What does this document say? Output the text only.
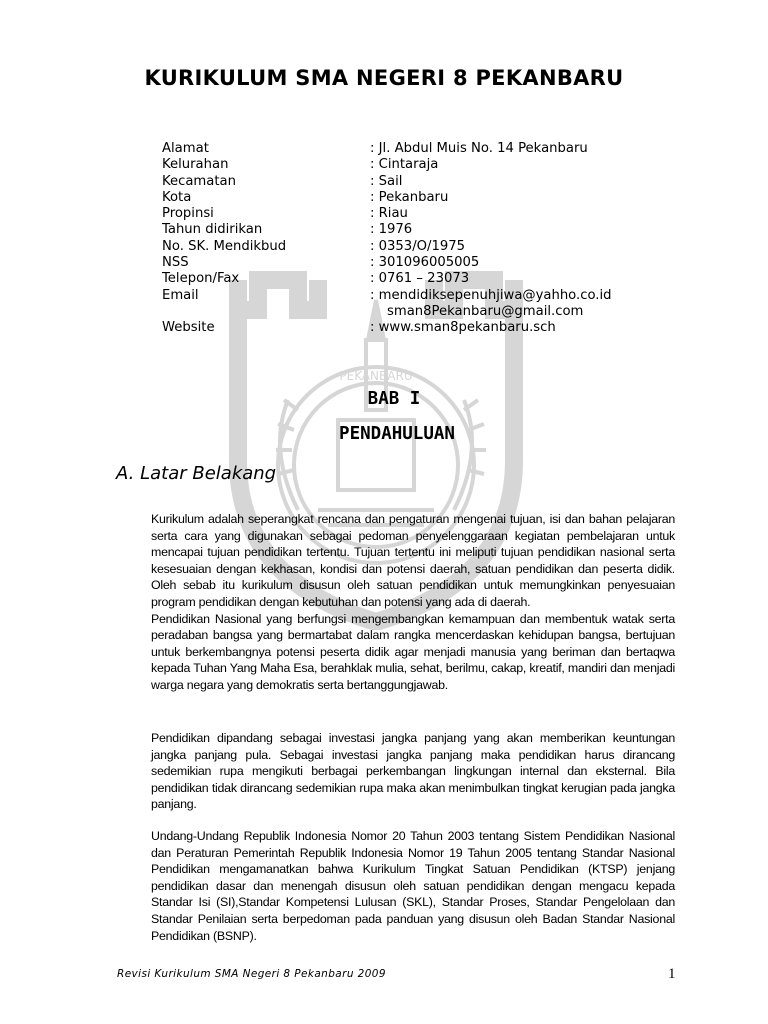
PEKANBARU
KURIKULUM SMA NEGERI 8 PEKANBARU
Alamat	: Jl. Abdul Muis No. 14 Pekanbaru
Kelurahan	: Cintaraja
Kecamatan	: Sail
Kota	: Pekanbaru
Propinsi	: Riau
Tahun didirikan	: 1976
No. SK. Mendikbud	: 0353/O/1975
NSS	: 301096005005
Telepon/Fax	: 0761 – 23073
Email	: mendidiksepenuhjiwa@yahho.co.id
sman8Pekanbaru@gmail.com
Website	: www.sman8pekanbaru.sch
BAB I
PENDAHULUAN
A. Latar Belakang

Kurikulum adalah seperangkat rencana dan pengaturan mengenai tujuan, isi dan bahan pelajaran serta cara yang digunakan sebagai pedoman penyelenggaraan kegiatan pembelajaran untuk mencapai tujuan pendidikan tertentu. Tujuan tertentu ini meliputi tujuan pendidikan nasional serta kesesuaian dengan kekhasan, kondisi dan potensi daerah, satuan pendidikan dan peserta didik. Oleh sebab itu kurikulum disusun oleh satuan pendidikan untuk memungkinkan penyesuaian program pendidikan dengan kebutuhan dan potensi yang ada di daerah.

Pendidikan Nasional yang berfungsi mengembangkan kemampuan dan membentuk watak serta peradaban bangsa yang bermartabat dalam rangka mencerdaskan kehidupan bangsa, bertujuan untuk berkembangnya potensi peserta didik agar menjadi manusia yang beriman dan bertaqwa kepada Tuhan Yang Maha Esa, berahklak mulia, sehat, berilmu, cakap, kreatif, mandiri dan menjadi warga negara yang demokratis serta bertanggungjawab.

Pendidikan dipandang sebagai investasi jangka panjang yang akan memberikan keuntungan jangka panjang pula. Sebagai investasi jangka panjang maka pendidikan harus dirancang sedemikian rupa mengikuti berbagai perkembangan lingkungan internal dan eksternal. Bila pendidikan tidak dirancang sedemikian rupa maka akan menimbulkan tingkat kerugian pada jangka panjang.

Undang-Undang Republik Indonesia Nomor 20 Tahun 2003 tentang Sistem Pendidikan Nasional dan Peraturan Pemerintah Republik Indonesia Nomor 19 Tahun 2005 tentang Standar Nasional Pendidikan mengamanatkan bahwa Kurikulum Tingkat Satuan Pendidikan (KTSP) jenjang pendidikan dasar dan menengah disusun oleh satuan pendidikan dengan mengacu kepada Standar Isi (SI),Standar Kompetensi Lulusan (SKL), Standar Proses, Standar Pengelolaan dan Standar Penilaian serta berpedoman pada panduan yang disusun oleh Badan Standar Nasional Pendidikan (BSNP).

Revisi Kurikulum SMA Negeri 8 Pekanbaru 2009	1
